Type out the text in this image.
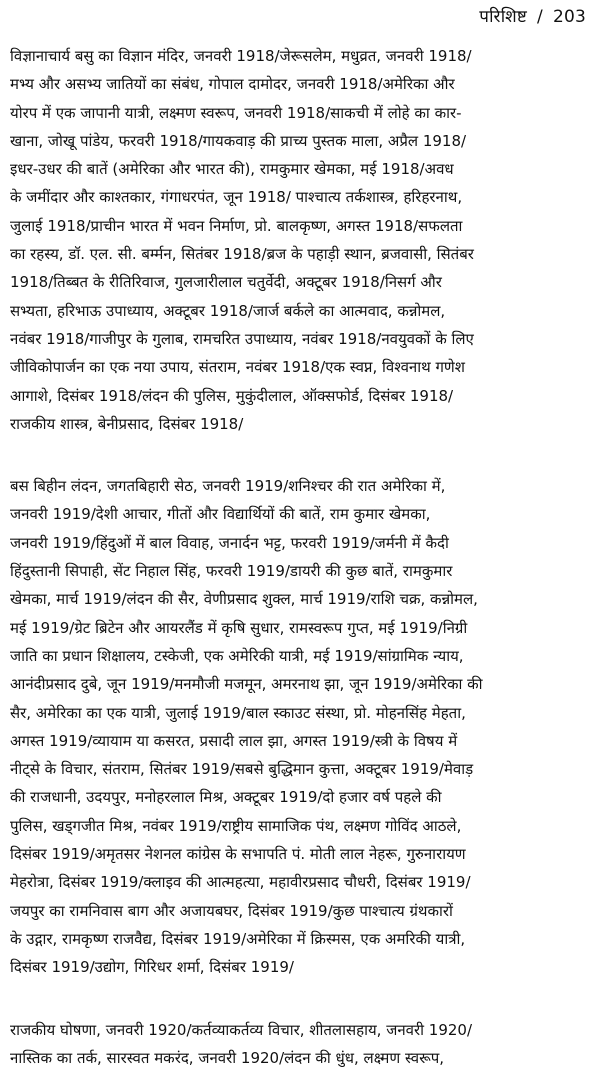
परिशिष्ट / 203

विज्ञानाचार्य बसु का विज्ञान मंदिर, जनवरी 1918/जेरूसलेम, मधुव्रत, जनवरी 1918/
मभ्य और असभ्य जातियों का संबंध, गोपाल दामोदर, जनवरी 1918/अमेरिका और
योरप में एक जापानी यात्री, लक्ष्मण स्वरूप, जनवरी 1918/साकची में लोहे का कार-
खाना, जोखू पांडेय, फरवरी 1918/गायकवाड़ की प्राच्य पुस्तक माला, अप्रैल 1918/
इधर-उधर की बातें (अमेरिका और भारत की), रामकुमार खेमका, मई 1918/अवध
के जमींदार और काश्तकार, गंगाधरपंत, जून 1918/ पाश्चात्य तर्कशास्त्र, हरिहरनाथ,
जुलाई 1918/प्राचीन भारत में भवन निर्माण, प्रो. बालकृष्ण, अगस्त 1918/सफलता
का रहस्य, डॉ. एल. सी. बर्म्मन, सितंबर 1918/ब्रज के पहाड़ी स्थान, ब्रजवासी, सितंबर
1918/तिब्बत के रीतिरिवाज, गुलजारीलाल चतुर्वेदी, अक्टूबर 1918/निसर्ग और
सभ्यता, हरिभाऊ उपाध्याय, अक्टूबर 1918/जार्ज बर्कले का आत्मवाद, कन्नोमल,
नवंबर 1918/गाजीपुर के गुलाब, रामचरित उपाध्याय, नवंबर 1918/नवयुवकों के लिए
जीविकोपार्जन का एक नया उपाय, संतराम, नवंबर 1918/एक स्वप्न, विश्वनाथ गणेश
आगाशे, दिसंबर 1918/लंदन की पुलिस, मुकुंदीलाल, ऑक्सफोर्ड, दिसंबर 1918/
राजकीय शास्त्र, बेनीप्रसाद, दिसंबर 1918/

बस बिहीन लंदन, जगतबिहारी सेठ, जनवरी 1919/शनिश्चर की रात अमेरिका में,
जनवरी 1919/देशी आचार, गीतों और विद्यार्थियों की बातें, राम कुमार खेमका,
जनवरी 1919/हिंदुओं में बाल विवाह, जनार्दन भट्ट, फरवरी 1919/जर्मनी में कैदी
हिंदुस्तानी सिपाही, सेंट निहाल सिंह, फरवरी 1919/डायरी की कुछ बातें, रामकुमार
खेमका, मार्च 1919/लंदन की सैर, वेणीप्रसाद शुक्ल, मार्च 1919/राशि चक्र, कन्नोमल,
मई 1919/ग्रेट ब्रिटेन और आयरलैंड में कृषि सुधार, रामस्वरूप गुप्त, मई 1919/निग्री
जाति का प्रधान शिक्षालय, टस्केजी, एक अमेरिकी यात्री, मई 1919/सांग्रामिक न्याय,
आनंदीप्रसाद दुबे, जून 1919/मनमौजी मजमून, अमरनाथ झा, जून 1919/अमेरिका की
सैर, अमेरिका का एक यात्री, जुलाई 1919/बाल स्काउट संस्था, प्रो. मोहनसिंह मेहता,
अगस्त 1919/व्यायाम या कसरत, प्रसादी लाल झा, अगस्त 1919/स्त्री के विषय में
नीट्से के विचार, संतराम, सितंबर 1919/सबसे बुद्धिमान कुत्ता, अक्टूबर 1919/मेवाड़
की राजधानी, उदयपुर, मनोहरलाल मिश्र, अक्टूबर 1919/दो हजार वर्ष पहले की
पुलिस, खड्गजीत मिश्र, नवंबर 1919/राष्ट्रीय सामाजिक पंथ, लक्ष्मण गोविंद आठले,
दिसंबर 1919/अमृतसर नेशनल कांग्रेस के सभापति पं. मोती लाल नेहरू, गुरुनारायण
मेहरोत्रा, दिसंबर 1919/क्लाइव की आत्महत्या, महावीरप्रसाद चौधरी, दिसंबर 1919/
जयपुर का रामनिवास बाग और अजायबघर, दिसंबर 1919/कुछ पाश्चात्य ग्रंथकारों
के उद्गार, रामकृष्ण राजवैद्य, दिसंबर 1919/अमेरिका में क्रिस्मस, एक अमरिकी यात्री,
दिसंबर 1919/उद्योग, गिरिधर शर्मा, दिसंबर 1919/

राजकीय घोषणा, जनवरी 1920/कर्तव्याकर्तव्य विचार, शीतलासहाय, जनवरी 1920/
नास्तिक का तर्क, सारस्वत मकरंद, जनवरी 1920/लंदन की धुंध, लक्ष्मण स्वरूप,
